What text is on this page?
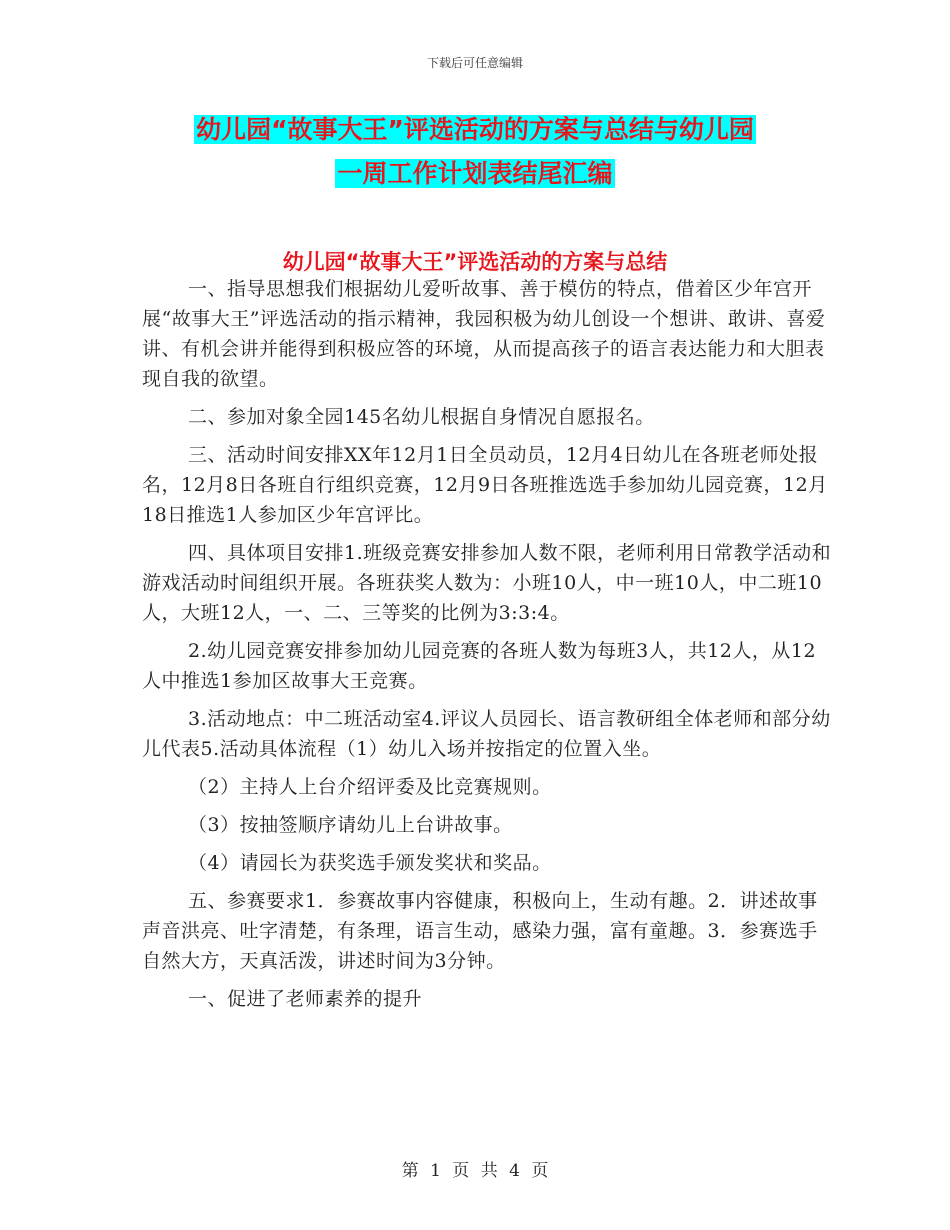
下载后可任意编辑
幼儿园“故事大王”评选活动的方案与总结与幼儿园
一周工作计划表结尾汇编
幼儿园“故事大王”评选活动的方案与总结

一、指导思想我们根据幼儿爱听故事、善于模仿的特点，借着区少年宫开展“故事大王”评选活动的指示精神，我园积极为幼儿创设一个想讲、敢讲、喜爱讲、有机会讲并能得到积极应答的环境，从而提高孩子的语言表达能力和大胆表现自我的欲望。

二、参加对象全园145名幼儿根据自身情况自愿报名。

三、活动时间安排XX年12月1日全员动员，12月4日幼儿在各班老师处报名，12月8日各班自行组织竞赛，12月9日各班推选选手参加幼儿园竞赛，12月18日推选1人参加区少年宫评比。

四、具体项目安排1.班级竞赛安排参加人数不限，老师利用日常教学活动和游戏活动时间组织开展。各班获奖人数为：小班10人，中一班10人，中二班10人，大班12人，一、二、三等奖的比例为3:3:4。

2.幼儿园竞赛安排参加幼儿园竞赛的各班人数为每班3人，共12人，从12人中推选1参加区故事大王竞赛。

3.活动地点：中二班活动室4.评议人员园长、语言教研组全体老师和部分幼儿代表5.活动具体流程（1）幼儿入场并按指定的位置入坐。

（2）主持人上台介绍评委及比竞赛规则。

（3）按抽签顺序请幼儿上台讲故事。

（4）请园长为获奖选手颁发奖状和奖品。

五、参赛要求1．参赛故事内容健康，积极向上，生动有趣。2．讲述故事声音洪亮、吐字清楚，有条理，语言生动，感染力强，富有童趣。3．参赛选手自然大方，天真活泼，讲述时间为3分钟。

一、促进了老师素养的提升

第 1 页 共 4 页
